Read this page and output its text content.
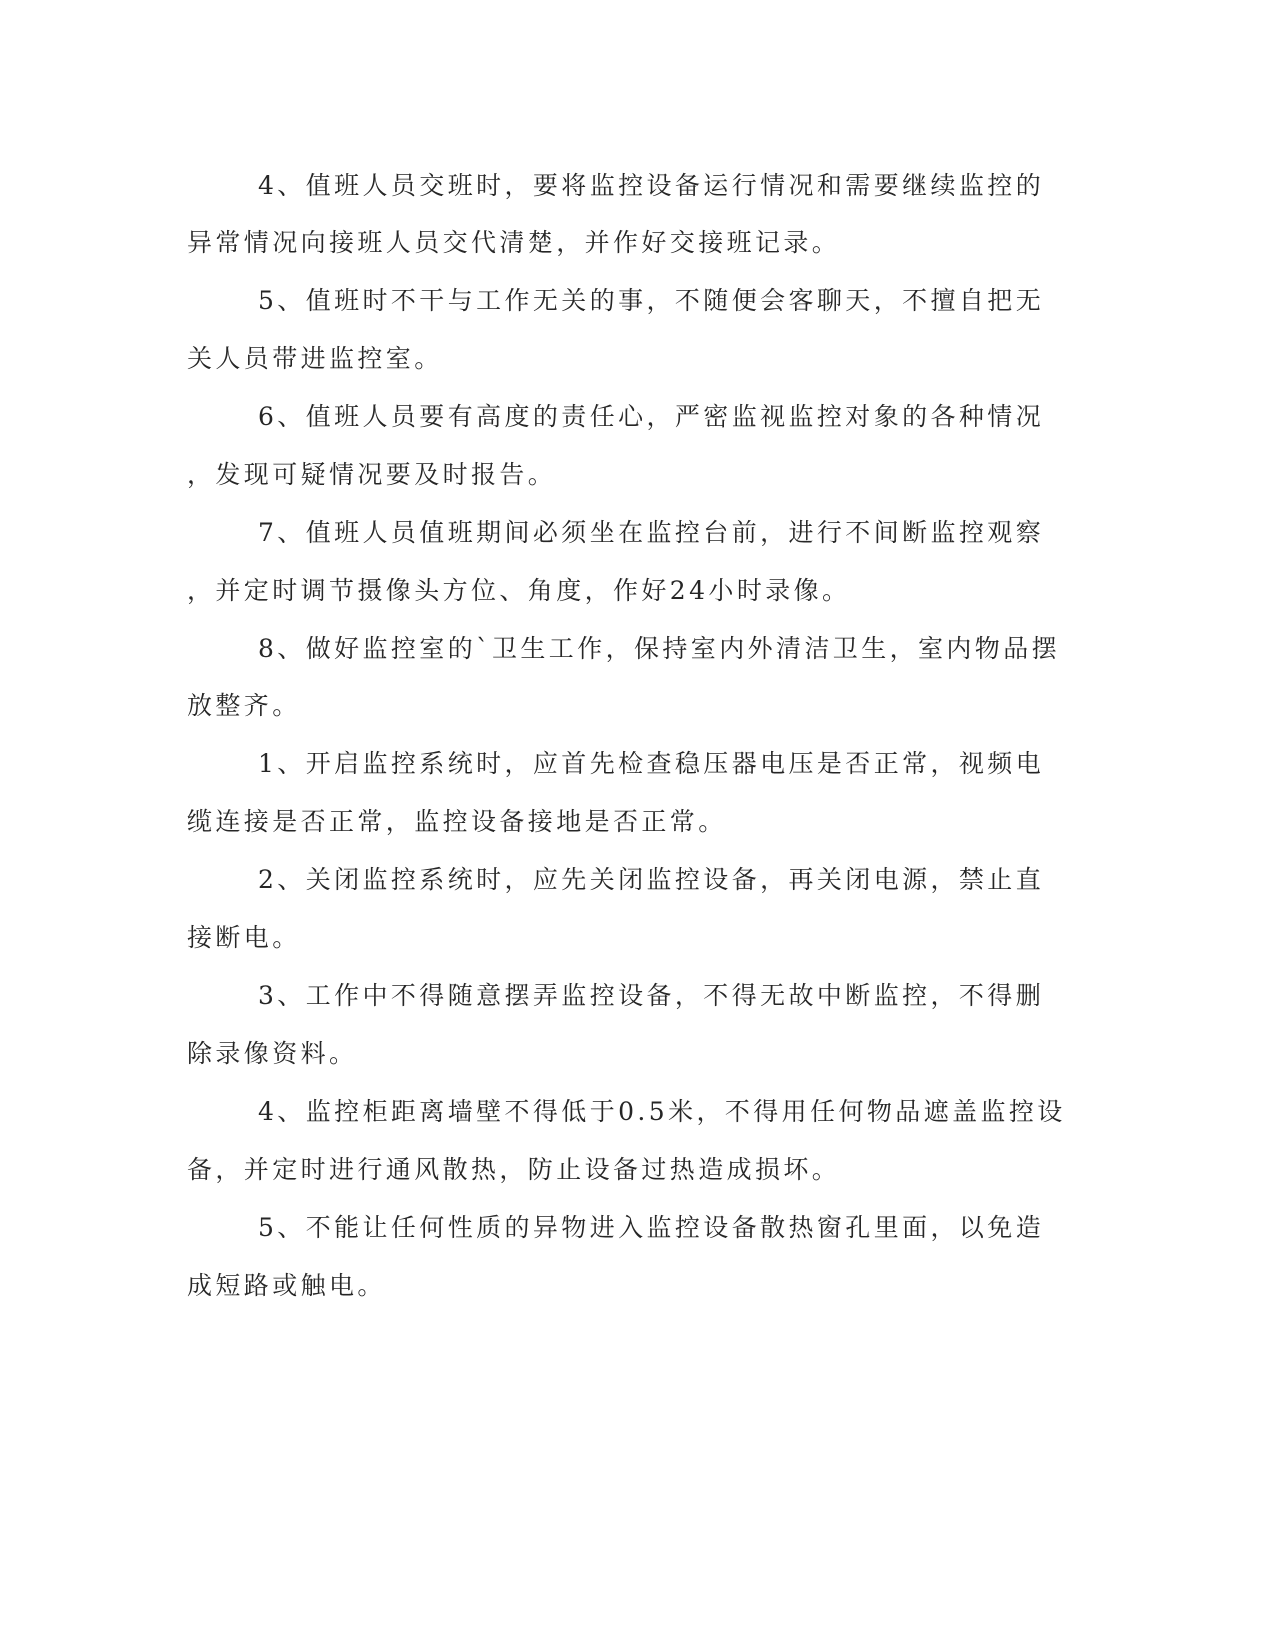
4、值班人员交班时，要将监控设备运行情况和需要继续监控的

异常情况向接班人员交代清楚，并作好交接班记录。

5、值班时不干与工作无关的事，不随便会客聊天，不擅自把无

关人员带进监控室。

6、值班人员要有高度的责任心，严密监视监控对象的各种情况

，发现可疑情况要及时报告。

7、值班人员值班期间必须坐在监控台前，进行不间断监控观察

，并定时调节摄像头方位、角度，作好24小时录像。

8、做好监控室的`卫生工作，保持室内外清洁卫生，室内物品摆

放整齐。

1、开启监控系统时，应首先检查稳压器电压是否正常，视频电

缆连接是否正常，监控设备接地是否正常。

2、关闭监控系统时，应先关闭监控设备，再关闭电源，禁止直

接断电。

3、工作中不得随意摆弄监控设备，不得无故中断监控，不得删

除录像资料。

4、监控柜距离墙壁不得低于0.5米，不得用任何物品遮盖监控设

备，并定时进行通风散热，防止设备过热造成损坏。

5、不能让任何性质的异物进入监控设备散热窗孔里面，以免造

成短路或触电。
